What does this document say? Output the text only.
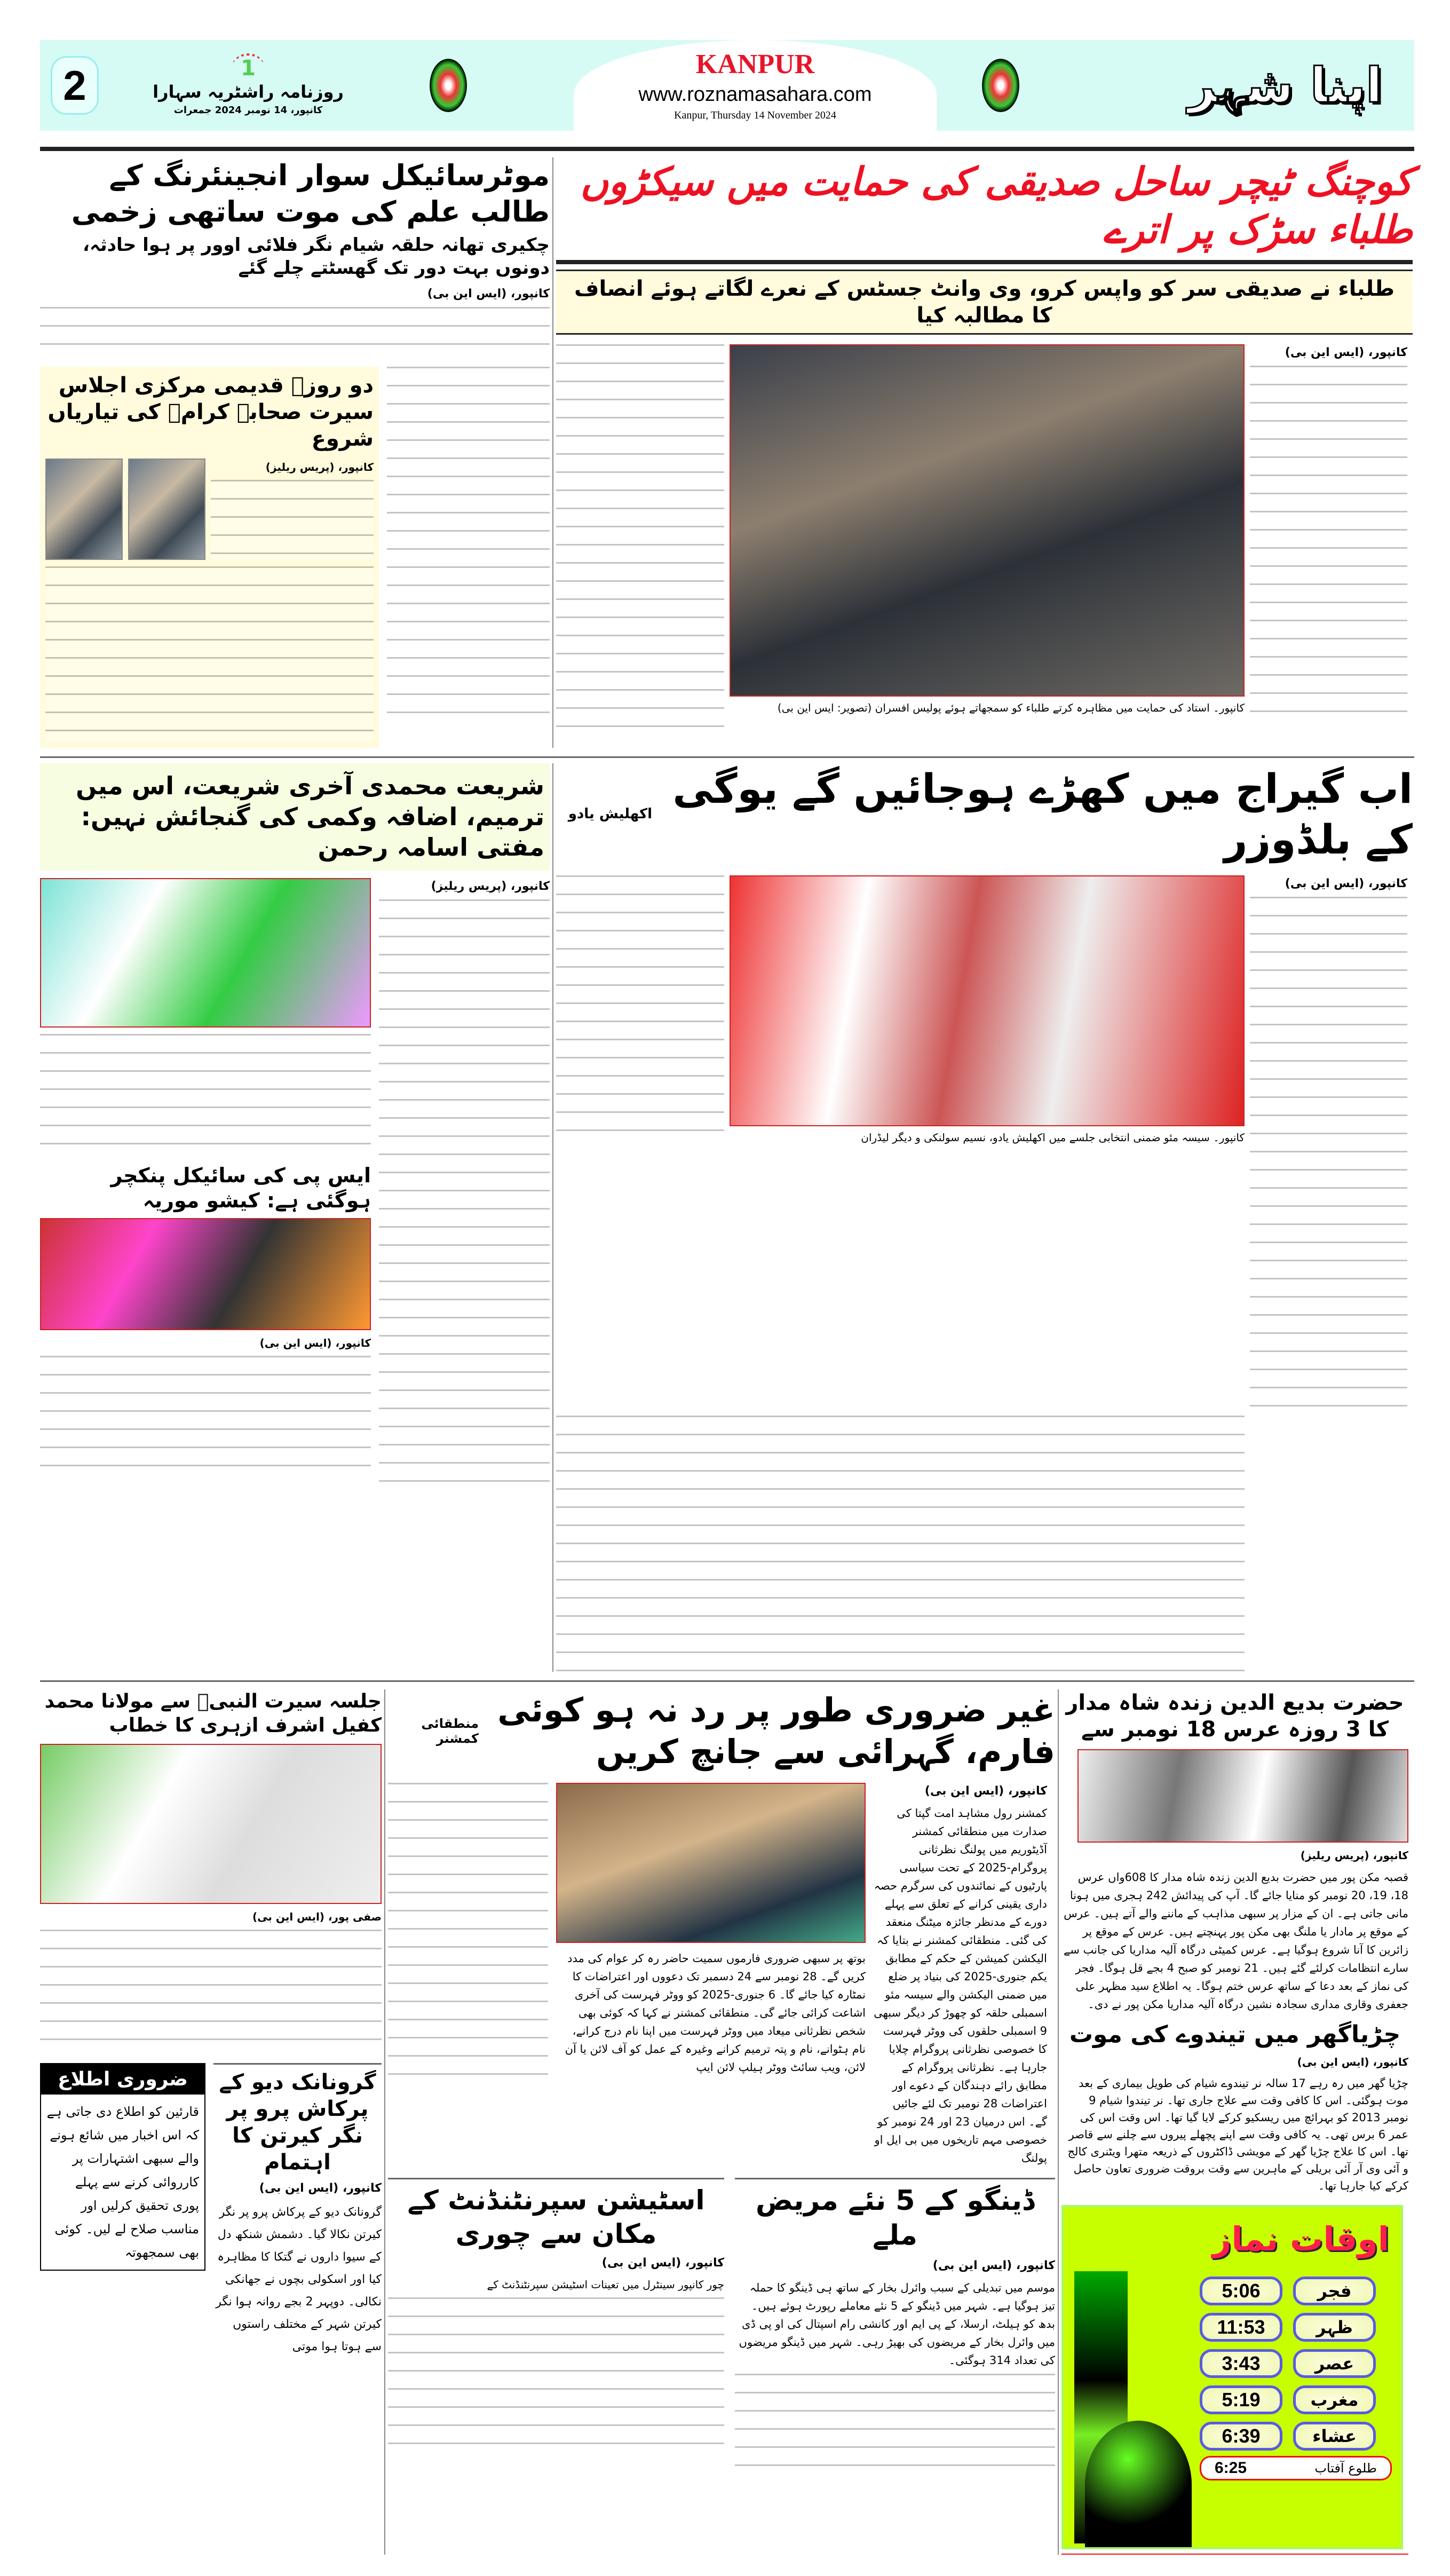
2	1
روزنامہ راشٹریہ سہارا
کانپور، 14 نومبر 2024 جمعرات
KANPUR
www.roznamasahara.com
Kanpur, Thursday 14 November 2024
اپنا شہر
موٹرسائیکل سوار انجینئرنگ کے طالب علم کی موت ساتھی زخمی
چکیری تھانہ حلقہ شیام نگر فلائی اوور پر ہوا حادثہ، دونوں بہت دور تک گھسٹتے چلے گئے
کانپور، (ایس این بی)
دو روزہ قدیمی مرکزی اجلاس سیرت صحابہ کرامؓ کی تیاریاں شروع
کانپور، (پریس ریلیز)
کوچنگ ٹیچر ساحل صدیقی کی حمایت میں سیکڑوں طلباء سڑک پر اترے
طلباء نے صدیقی سر کو واپس کرو، وی وانٹ جسٹس کے نعرے لگاتے ہوئے انصاف کا مطالبہ کیا
کانپور۔ استاد کی حمایت میں مظاہرہ کرتے طلباء کو سمجھاتے ہوئے پولیس افسران (تصویر: ایس این بی)
کانپور، (ایس این بی)
شریعت محمدی آخری شریعت، اس میں ترمیم، اضافہ وکمی کی گنجائش نہیں: مفتی اسامہ رحمن
ایس پی کی سائیکل پنکچر ہوگئی ہے: کیشو موریہ
کانپور، (ایس این بی)
کانپور، (پریس ریلیز)
اکھلیش یادو
اب گیراج میں کھڑے ہوجائیں گے یوگی کے بلڈوزر
کانپور۔ سیسہ مئو ضمنی انتخابی جلسے میں اکھلیش یادو، نسیم سولنکی و دیگر لیڈران
کانپور، (ایس این بی)
جلسہ سیرت النبیؐ سے مولانا محمد کفیل اشرف ازہری کا خطاب
صفی پور، (ایس این بی)
ضروری اطلاع
قارئین کو اطلاع دی جاتی ہے کہ اس اخبار میں شائع ہونے والے سبھی اشتہارات پر کارروائی کرنے سے پہلے پوری تحقیق کرلیں اور مناسب صلاح لے لیں۔ کوئی بھی سمجھوتہ
گرونانک دیو کے پرکاش پرو پر نگر کیرتن کا اہتمام
کانپور، (ایس این بی)
گرونانک دیو کے پرکاش پرو پر نگر کیرتن نکالا گیا۔ دشمش شنکھ دل کے سیوا داروں نے گتکا کا مظاہرہ کیا اور اسکولی بچوں نے جھانکی نکالی۔ دوپہر 2 بجے روانہ ہوا نگر کیرتن شہر کے مختلف راستوں سے ہوتا ہوا موتی
منطقائی کمشنر
غیر ضروری طور پر رد نہ ہو کوئی فارم، گہرائی سے جانچ کریں
بوتھ پر سبھی ضروری فارموں سمیت حاضر رہ کر عوام کی مدد کریں گے۔ 28 نومبر سے 24 دسمبر تک دعووں اور اعتراضات کا نمٹارہ کیا جائے گا۔ 6 جنوری-2025 کو ووٹر فہرست کی آخری اشاعت کرائی جائے گی۔ منطقائی کمشنر نے کہا کہ کوئی بھی شخص نظرثانی میعاد میں ووٹر فہرست میں اپنا نام درج کرانے، نام ہٹوانے، نام و پتہ ترمیم کرانے وغیرہ کے عمل کو آف لائن یا آن لائن، ویب سائٹ ووٹر ہیلپ لائن ایپ
کانپور، (ایس این بی)
کمشنر رول مشاہد امت گپتا کی صدارت میں منطقائی کمشنر آڈیٹوریم میں پولنگ نظرثانی پروگرام-2025 کے تحت سیاسی پارٹیوں کے نمائندوں کی سرگرم حصہ داری یقینی کرانے کے تعلق سے پہلے دورے کے مدنظر جائزہ میٹنگ منعقد کی گئی۔ منطقائی کمشنر نے بتایا کہ الیکشن کمیشن کے حکم کے مطابق یکم جنوری-2025 کی بنیاد پر ضلع میں ضمنی الیکشن والے سیسہ مئو اسمبلی حلقہ کو چھوڑ کر دیگر سبھی 9 اسمبلی حلقوں کی ووٹر فہرست کا خصوصی نظرثانی پروگرام چلایا جارہا ہے۔ نظرثانی پروگرام کے مطابق رائے دہندگان کے دعوے اور اعتراضات 28 نومبر تک لئے جائیں گے۔ اس درمیان 23 اور 24 نومبر کو خصوصی مہم تاریخوں میں بی ایل او پولنگ
اسٹیشن سپرنٹنڈنٹ کے مکان سے چوری
کانپور، (ایس این بی)
چور کانپور سینٹرل میں تعینات اسٹیشن سپرنٹنڈنٹ کے
ڈینگو کے 5 نئے مریض ملے
کانپور، (ایس این بی)
موسم میں تبدیلی کے سبب وائرل بخار کے ساتھ ہی ڈینگو کا حملہ تیز ہوگیا ہے۔ شہر میں ڈینگو کے 5 نئے معاملے رپورٹ ہوئے ہیں۔ بدھ کو ہیلٹ، ارسلا، کے پی ایم اور کانشی رام اسپتال کی او پی ڈی میں وائرل بخار کے مریضوں کی بھیڑ رہی۔ شہر میں ڈینگو مریضوں کی تعداد 314 ہوگئی۔
حضرت بدیع الدین زندہ شاہ مدار کا 3 روزہ عرس 18 نومبر سے
کانپور، (پریس ریلیز)
قصبہ مکن پور میں حضرت بدیع الدین زندہ شاہ مدار کا 608واں عرس 18، 19، 20 نومبر کو منایا جائے گا۔ آپ کی پیدائش 242 ہجری میں ہونا مانی جاتی ہے۔ ان کے مزار پر سبھی مذاہب کے ماننے والے آتے ہیں۔ عرس کے موقع پر مادار یا ملنگ بھی مکن پور پہنچتے ہیں۔ عرس کے موقع پر زائرین کا آنا شروع ہوگیا ہے۔ عرس کمیٹی درگاہ آلیہ مداریا کی جانب سے سارے انتظامات کرلئے گئے ہیں۔ 21 نومبر کو صبح 4 بجے قل ہوگا۔ فجر کی نماز کے بعد دعا کے ساتھ عرس ختم ہوگا۔ یہ اطلاع سید مظہر علی جعفری وقاری مداری سجادہ نشین درگاہ آلیہ مداریا مکن پور نے دی۔
چڑیاگھر میں تیندوے کی موت
کانپور، (ایس این بی)
چڑیا گھر میں رہ رہے 17 سالہ نر تیندوے شیام کی طویل بیماری کے بعد موت ہوگئی۔ اس کا کافی وقت سے علاج جاری تھا۔ نر تیندوا شیام 9 نومبر 2013 کو بہرائچ میں ریسکیو کرکے لایا گیا تھا۔ اس وقت اس کی عمر 6 برس تھی۔ یہ کافی وقت سے اپنے پچھلے پیروں سے چلنے سے قاصر تھا۔ اس کا علاج چڑیا گھر کے مویشی ڈاکٹروں کے ذریعہ متھرا ویٹنری کالج و آئی وی آر آئی بریلی کے ماہرین سے وقت بروقت ضروری تعاون حاصل کرکے کیا جارہا تھا۔
اوقات نماز
5:06	فجر
11:53	ظہر
3:43	عصر
5:19	مغرب
6:39	عشاء
6:25	طلوع آفتاب
